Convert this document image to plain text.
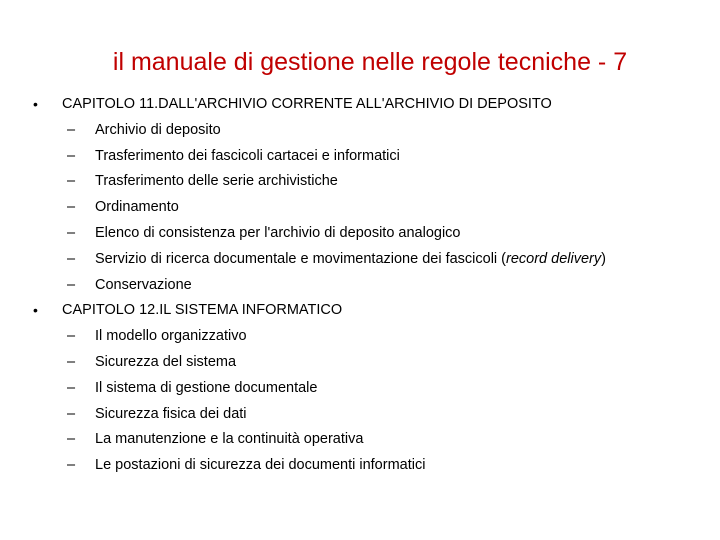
il manuale di gestione nelle regole tecniche - 7
• CAPITOLO 11.DALL'ARCHIVIO CORRENTE ALL'ARCHIVIO DI DEPOSITO
– Archivio di deposito
– Trasferimento dei fascicoli cartacei e informatici
– Trasferimento delle serie archivistiche
– Ordinamento
– Elenco di consistenza per l'archivio di deposito analogico
– Servizio di ricerca documentale e movimentazione dei fascicoli (record delivery)
– Conservazione
• CAPITOLO 12.IL SISTEMA INFORMATICO
– Il modello organizzativo
– Sicurezza del sistema
– Il sistema di gestione documentale
– Sicurezza fisica dei dati
– La manutenzione e la continuità operativa
– Le postazioni di sicurezza dei documenti informatici
